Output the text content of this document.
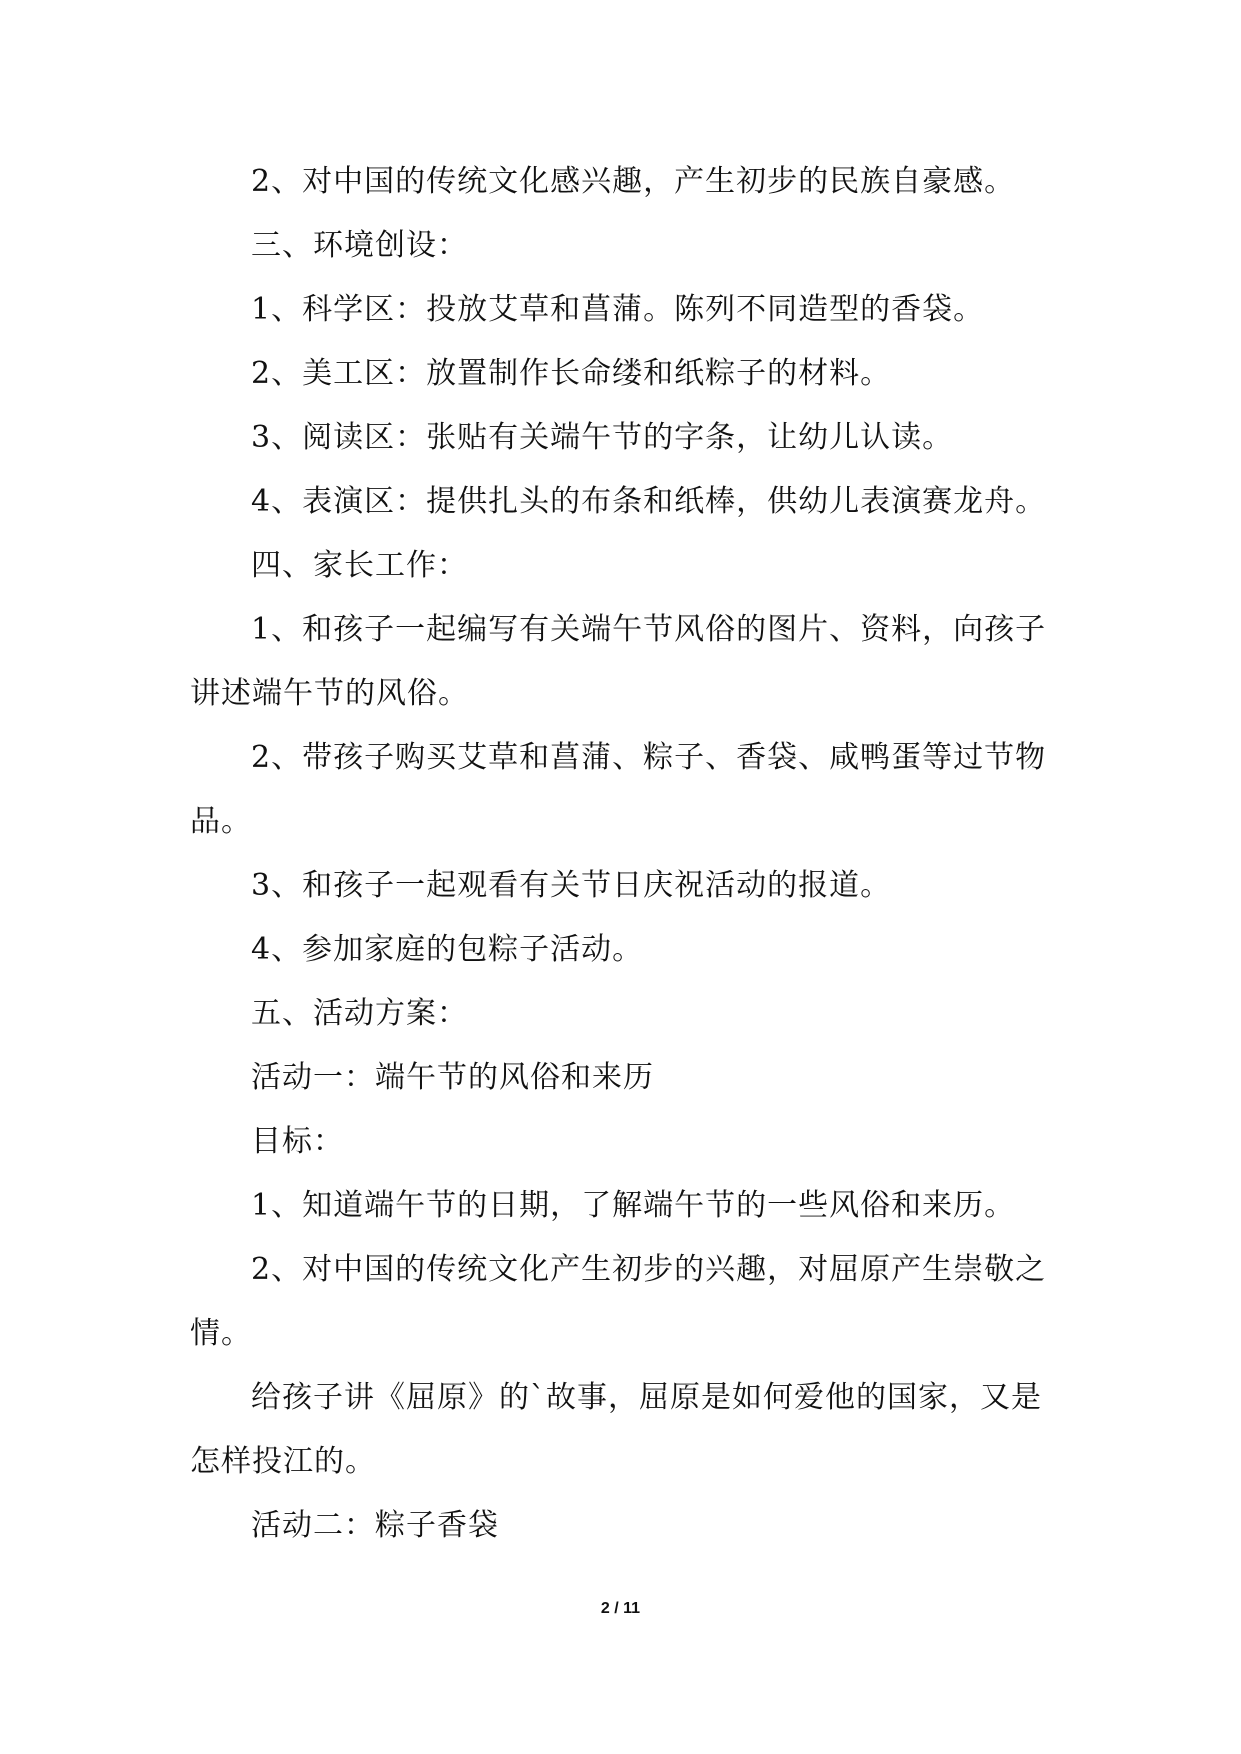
2、对中国的传统文化感兴趣，产生初步的民族自豪感。

三、环境创设：

1、科学区：投放艾草和菖蒲。陈列不同造型的香袋。

2、美工区：放置制作长命缕和纸粽子的材料。

3、阅读区：张贴有关端午节的字条，让幼儿认读。

4、表演区：提供扎头的布条和纸棒，供幼儿表演赛龙舟。

四、家长工作：

1、和孩子一起编写有关端午节风俗的图片、资料，向孩子讲述端午节的风俗。

2、带孩子购买艾草和菖蒲、粽子、香袋、咸鸭蛋等过节物品。

3、和孩子一起观看有关节日庆祝活动的报道。

4、参加家庭的包粽子活动。

五、活动方案：

活动一：端午节的风俗和来历

目标：

1、知道端午节的日期，了解端午节的一些风俗和来历。

2、对中国的传统文化产生初步的兴趣，对屈原产生崇敬之情。

给孩子讲《屈原》的`故事，屈原是如何爱他的国家，又是怎样投江的。

活动二：粽子香袋

2 / 11
